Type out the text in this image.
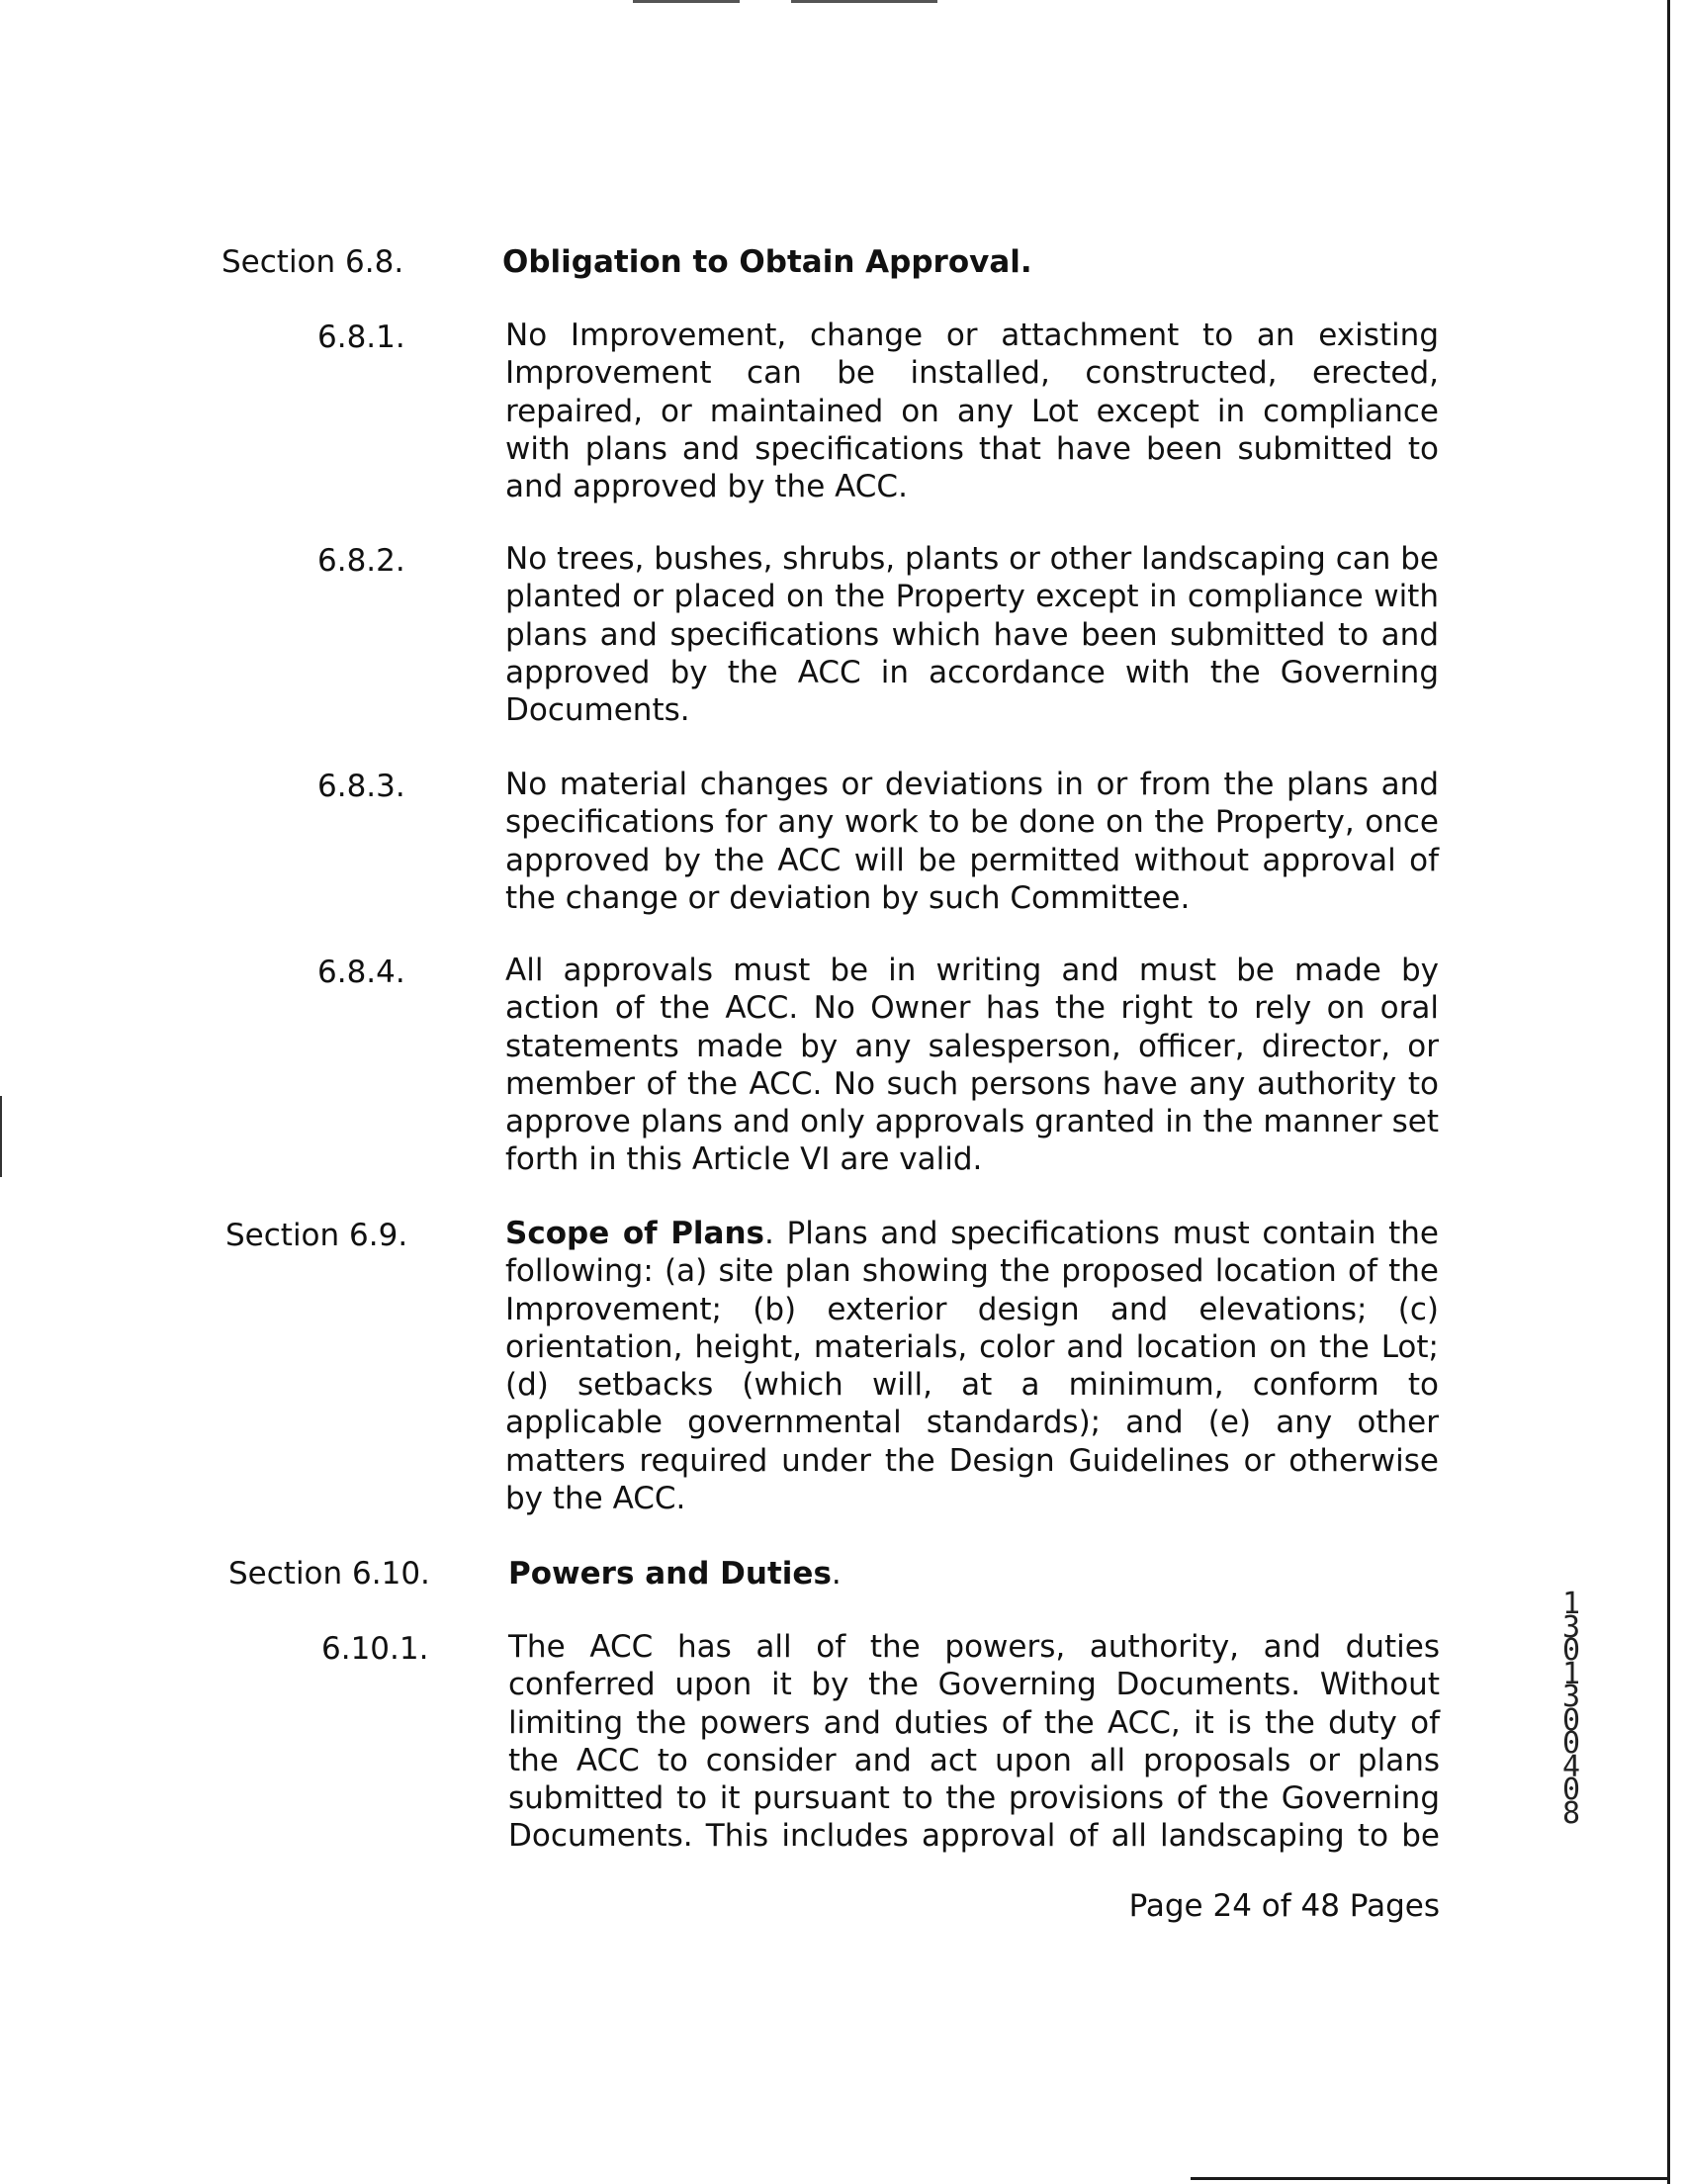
Section 6.8.	Obligation to Obtain Approval.
6.8.1.	No Improvement, change or attachment to an existing Improvement can be installed, constructed, erected, repaired, or maintained on any Lot except in compliance with plans and specifications that have been submitted to and approved by the ACC.
6.8.2.	No trees, bushes, shrubs, plants or other landscaping can be planted or placed on the Property except in compliance with plans and specifications which have been submitted to and approved by the ACC in accordance with the Governing Documents.
6.8.3.	No material changes or deviations in or from the plans and specifications for any work to be done on the Property, once approved by the ACC will be permitted without approval of the change or deviation by such Committee.
6.8.4.	All approvals must be in writing and must be made by action of the ACC. No Owner has the right to rely on oral statements made by any salesperson, officer, director, or member of the ACC. No such persons have any authority to approve plans and only approvals granted in the manner set forth in this Article VI are valid.
Section 6.9.	Scope of Plans. Plans and specifications must contain the following: (a) site plan showing the proposed location of the Improvement; (b) exterior design and elevations; (c) orientation, height, materials, color and location on the Lot; (d) setbacks (which will, at a minimum, conform to applicable governmental standards); and (e) any other matters required under the Design Guidelines or otherwise by the ACC.
Section 6.10.	Powers and Duties.
6.10.1.	The ACC has all of the powers, authority, and duties conferred upon it by the Governing Documents. Without limiting the powers and duties of the ACC, it is the duty of the ACC to consider and act upon all proposals or plans submitted to it pursuant to the provisions of the Governing Documents. This includes approval of all landscaping to be
Page 24 of 48 Pages
13013 00408
